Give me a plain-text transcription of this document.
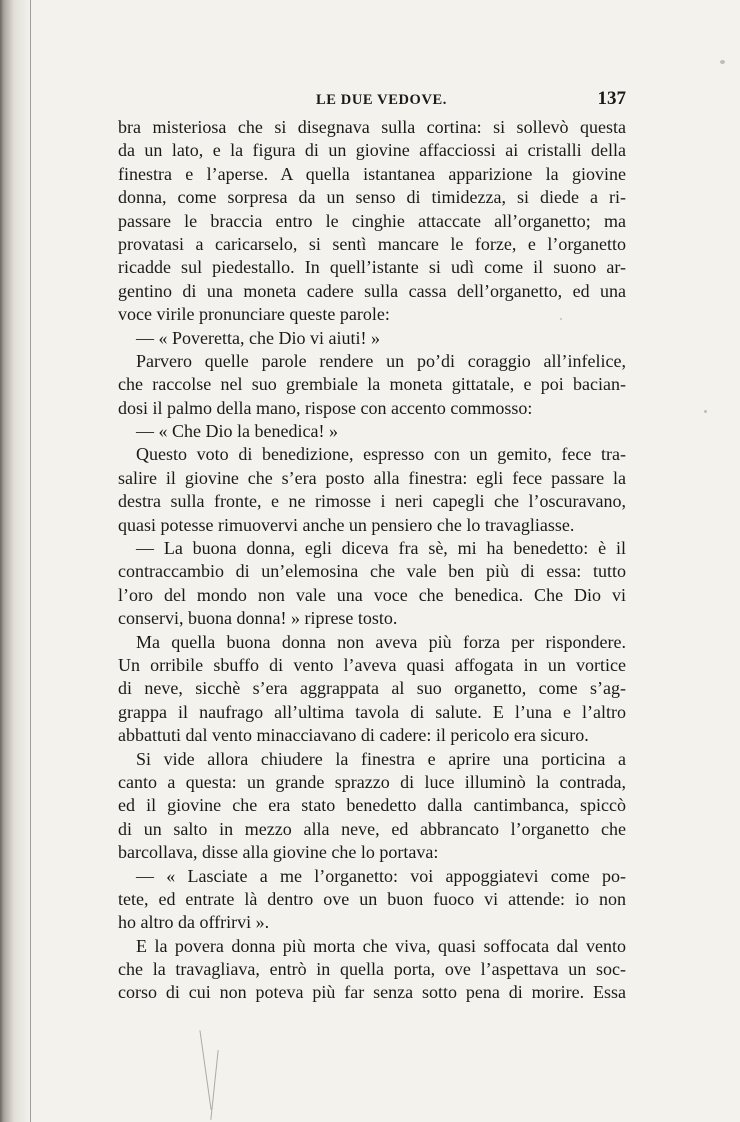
LE DUE VEDOVE.	137
bra misteriosa che si disegnava sulla cortina: si sollevò questa
da un lato, e la figura di un giovine affacciossi ai cristalli della
finestra e l’aperse. A quella istantanea apparizione la giovine
donna, come sorpresa da un senso di timidezza, si diede a ri-
passare le braccia entro le cinghie attaccate all’organetto; ma
provatasi a caricarselo, si sentì mancare le forze, e l’organetto
ricadde sul piedestallo. In quell’istante si udì come il suono ar-
gentino di una moneta cadere sulla cassa dell’organetto, ed una
voce virile pronunciare queste parole:
— « Poveretta, che Dio vi aiuti! »
Parvero quelle parole rendere un po’di coraggio all’infelice,
che raccolse nel suo grembiale la moneta gittatale, e poi bacian-
dosi il palmo della mano, rispose con accento commosso:
— « Che Dio la benedica! »
Questo voto di benedizione, espresso con un gemito, fece tra-
salire il giovine che s’era posto alla finestra: egli fece passare la
destra sulla fronte, e ne rimosse i neri capegli che l’oscuravano,
quasi potesse rimuovervi anche un pensiero che lo travagliasse.
— La buona donna, egli diceva fra sè, mi ha benedetto: è il
contraccambio di un’elemosina che vale ben più di essa: tutto
l’oro del mondo non vale una voce che benedica. Che Dio vi
conservi, buona donna! » riprese tosto.
Ma quella buona donna non aveva più forza per rispondere.
Un orribile sbuffo di vento l’aveva quasi affogata in un vortice
di neve, sicchè s’era aggrappata al suo organetto, come s’ag-
grappa il naufrago all’ultima tavola di salute. E l’una e l’altro
abbattuti dal vento minacciavano di cadere: il pericolo era sicuro.
Si vide allora chiudere la finestra e aprire una porticina a
canto a questa: un grande sprazzo di luce illuminò la contrada,
ed il giovine che era stato benedetto dalla cantimbanca, spiccò
di un salto in mezzo alla neve, ed abbrancato l’organetto che
barcollava, disse alla giovine che lo portava:
— « Lasciate a me l’organetto: voi appoggiatevi come po-
tete, ed entrate là dentro ove un buon fuoco vi attende: io non
ho altro da offrirvi ».
E la povera donna più morta che viva, quasi soffocata dal vento
che la travagliava, entrò in quella porta, ove l’aspettava un soc-
corso di cui non poteva più far senza sotto pena di morire. Essa
